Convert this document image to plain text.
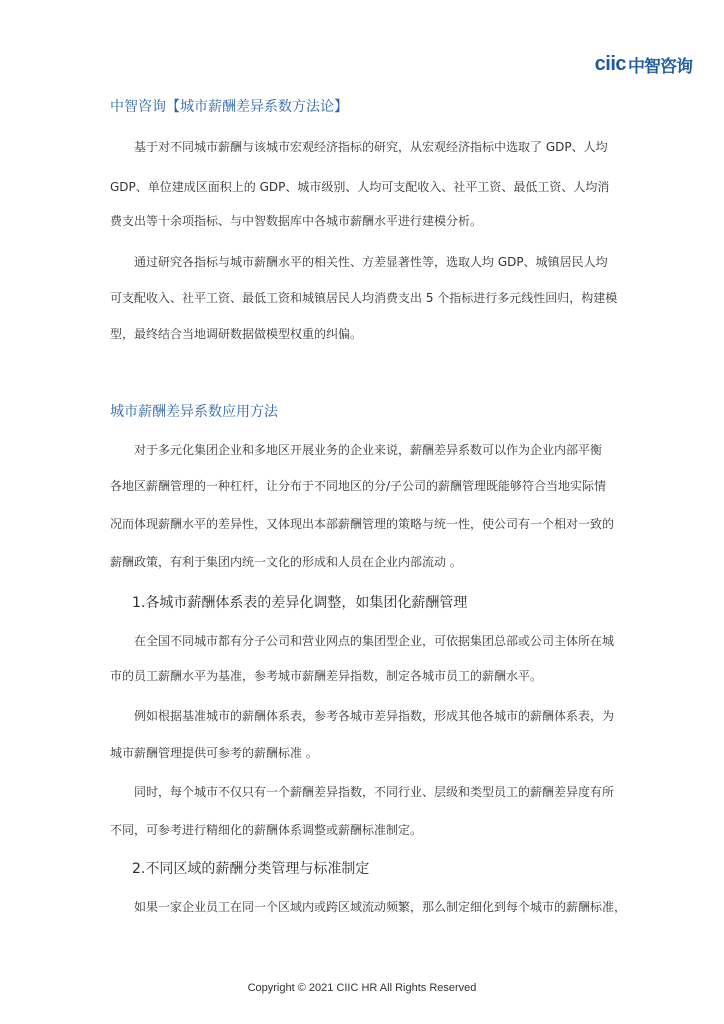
ciic 中智咨询
中智咨询【城市薪酬差异系数方法论】
基于对不同城市薪酬与该城市宏观经济指标的研究，从宏观经济指标中选取了 GDP、人均
GDP、单位建成区面积上的 GDP、城市级别、人均可支配收入、社平工资、最低工资、人均消
费支出等十余项指标、与中智数据库中各城市薪酬水平进行建模分析。
通过研究各指标与城市薪酬水平的相关性、方差显著性等，选取人均 GDP、城镇居民人均
可支配收入、社平工资、最低工资和城镇居民人均消费支出 5 个指标进行多元线性回归，构建模
型，最终结合当地调研数据做模型权重的纠偏。
城市薪酬差异系数应用方法
对于多元化集团企业和多地区开展业务的企业来说，薪酬差异系数可以作为企业内部平衡
各地区薪酬管理的一种杠杆，让分布于不同地区的分/子公司的薪酬管理既能够符合当地实际情
况而体现薪酬水平的差异性，又体现出本部薪酬管理的策略与统一性，使公司有一个相对一致的
薪酬政策，有利于集团内统一文化的形成和人员在企业内部流动 。
1.各城市薪酬体系表的差异化调整，如集团化薪酬管理
在全国不同城市都有分子公司和营业网点的集团型企业，可依据集团总部或公司主体所在城
市的员工薪酬水平为基准，参考城市薪酬差异指数，制定各城市员工的薪酬水平。
例如根据基准城市的薪酬体系表，参考各城市差异指数，形成其他各城市的薪酬体系表，为
城市薪酬管理提供可参考的薪酬标准 。
同时，每个城市不仅只有一个薪酬差异指数，不同行业、层级和类型员工的薪酬差异度有所
不同，可参考进行精细化的薪酬体系调整或薪酬标准制定。
2.不同区域的薪酬分类管理与标准制定
如果一家企业员工在同一个区域内或跨区域流动频繁，那么制定细化到每个城市的薪酬标准，
Copyright © 2021 CIIC HR All Rights Reserved
